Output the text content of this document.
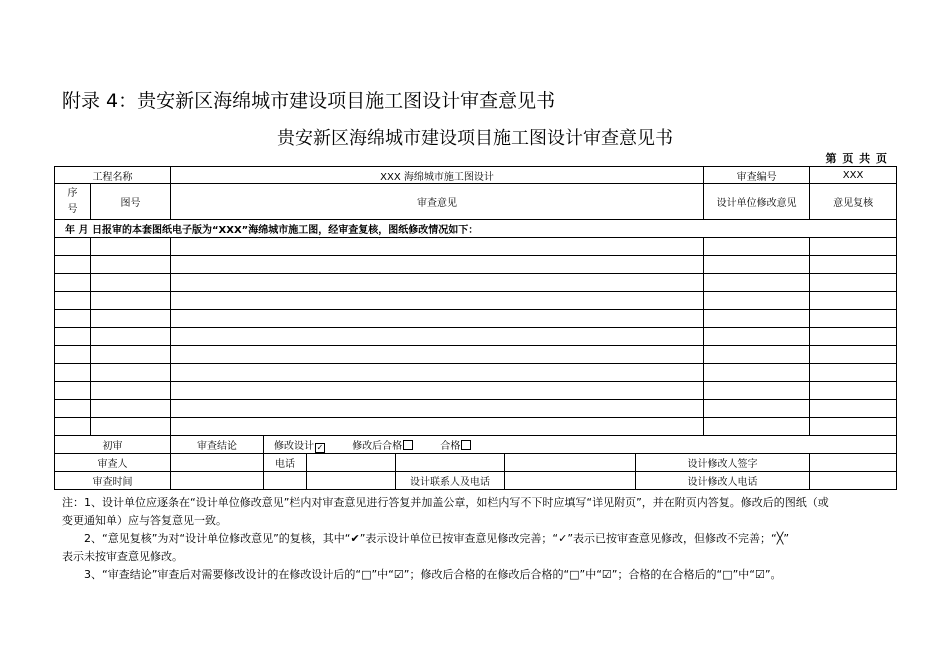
附录 4：贵安新区海绵城市建设项目施工图设计审查意见书
贵安新区海绵城市建设项目施工图设计审查意见书
第 页 共 页
工程名称		XXX 海绵城市施工图设计						审查编号	XXX
序号	图号	审查意见						设计单位修改意见	意见复核
年 月 日报审的本套图纸电子版为“XXX”海绵城市施工图，经审查复核，图纸修改情况如下：									

初审		审查结论	修改设计 ✓ 修改后合格 合格						
审查人			电话				设计修改人签字		
审查时间					设计联系人及电话		设计修改人电话		

注：1、设计单位应逐条在“设计单位修改意见”栏内对审查意见进行答复并加盖公章，如栏内写不下时应填写“详见附页”，并在附页内答复。修改后的图纸（或

变更通知单）应与答复意见一致。

2、“意见复核”为对“设计单位修改意见”的复核，其中“✔”表示设计单位已按审查意见修改完善；“✓”表示已按审查意见修改，但修改不完善；“╳”

表示未按审查意见修改。

3、“审查结论”审查后对需要修改设计的在修改设计后的“□”中“☑”；修改后合格的在修改后合格的“□”中“☑”；合格的在合格后的“□”中“☑”。
